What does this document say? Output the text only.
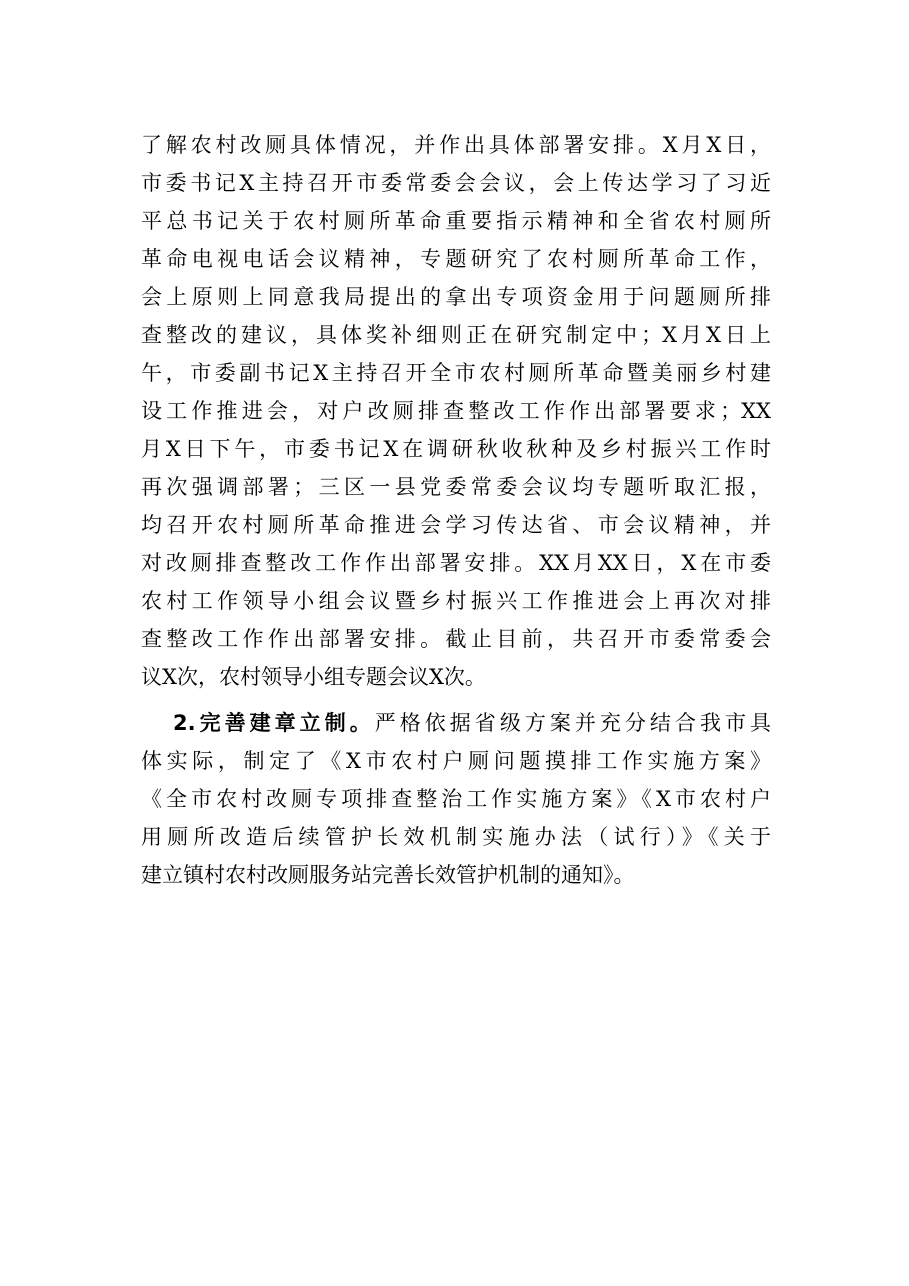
了解农村改厕具体情况，并作出具体部署安排。X月X日，
市委书记X主持召开市委常委会会议，会上传达学习了习近
平总书记关于农村厕所革命重要指示精神和全省农村厕所
革命电视电话会议精神，专题研究了农村厕所革命工作，
会上原则上同意我局提出的拿出专项资金用于问题厕所排
查整改的建议，具体奖补细则正在研究制定中；X月X日上
午，市委副书记X主持召开全市农村厕所革命暨美丽乡村建
设工作推进会，对户改厕排查整改工作作出部署要求；XX
月X日下午，市委书记X在调研秋收秋种及乡村振兴工作时
再次强调部署；三区一县党委常委会议均专题听取汇报，
均召开农村厕所革命推进会学习传达省、市会议精神，并
对改厕排查整改工作作出部署安排。XX月XX日，X在市委
农村工作领导小组会议暨乡村振兴工作推进会上再次对排
查整改工作作出部署安排。截止目前，共召开市委常委会
议X次，农村领导小组专题会议X次。
2.完善建章立制。严格依据省级方案并充分结合我市具
体实际，制定了《X市农村户厕问题摸排工作实施方案》
《全市农村改厕专项排查整治工作实施方案》《X市农村户
用厕所改造后续管护长效机制实施办法（试行）》《关于
建立镇村农村改厕服务站完善长效管护机制的通知》。
